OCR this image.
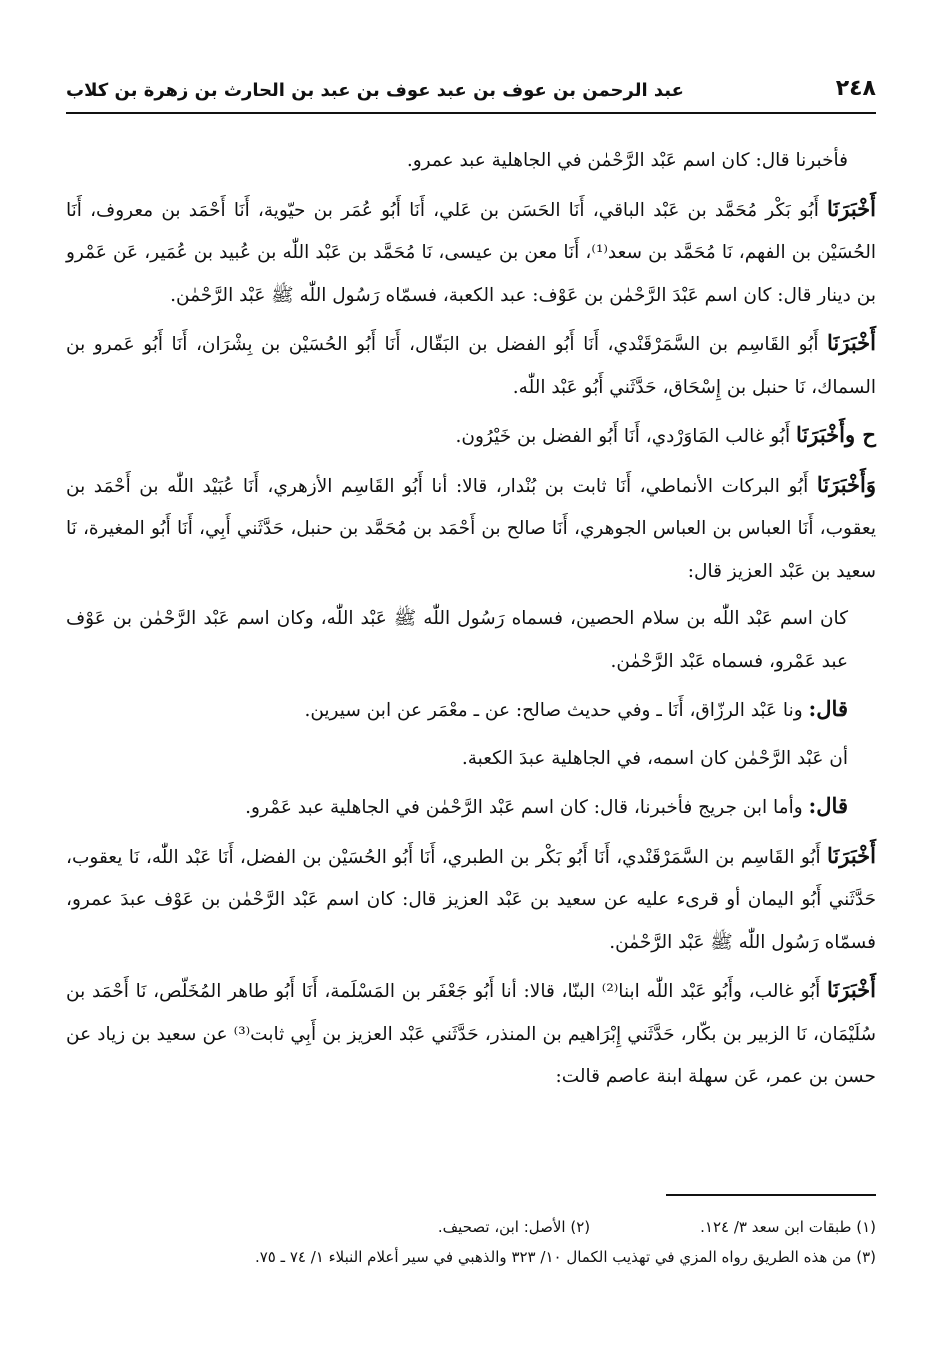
٢٤٨
عبد الرحمن بن عوف بن عبد عوف بن عبد بن الحارث بن زهرة بن كلاب

فأخبرنا قال: كان اسم عَبْد الرَّحْمٰن في الجاهلية عبد عمرو.

أَخْبَرَنَا أَبُو بَكْر مُحَمَّد بن عَبْد الباقي، أَنَا الحَسَن بن عَلي، أَنَا أَبُو عُمَر بن حيّوية، أَنَا أَحْمَد بن معروف، أَنَا الحُسَيْن بن الفهم، نَا مُحَمَّد بن سعد⁽¹⁾، أَنَا معن بن عيسى، نَا مُحَمَّد بن عَبْد اللّٰه بن عُبيد بن عُمَير، عَن عَمْرو بن دينار قال: كان اسم عَبْدَ الرَّحْمٰن بن عَوْف: عبد الكعبة، فسمّاه رَسُول اللّٰه ﷺ عَبْد الرَّحْمٰن.

أَخْبَرَنَا أَبُو القَاسِم بن السَّمَرْقَنْدي، أَنَا أَبُو الفضل بن البَقّال، أَنَا أَبُو الحُسَيْن بن بِشْرَان، أَنَا أَبُو عَمرو بن السماك، نَا حنبل بن إِسْحَاق، حَدَّثَني أَبُو عَبْد اللّٰه.

ح وأَخْبَرَنَا أَبُو غالب المَاوَرْدي، أَنَا أَبُو الفضل بن خَيْرُون.

وَأَخْبَرَنَا أَبُو البركات الأنماطي، أَنَا ثابت بن بُنْدار، قالا: أنا أَبُو القَاسِم الأزهري، أَنَا عُبَيْد اللّٰه بن أَحْمَد بن يعقوب، أَنَا العباس بن العباس الجوهري، أَنَا صالح بن أَحْمَد بن مُحَمَّد بن حنبل، حَدَّثَني أَبِي، أَنَا أَبُو المغيرة، نَا سعيد بن عَبْد العزيز قال:

كان اسم عَبْد اللّٰه بن سلام الحصين، فسماه رَسُول اللّٰه ﷺ عَبْد اللّٰه، وكان اسم عَبْد الرَّحْمٰن بن عَوْف عبد عَمْرو، فسماه عَبْد الرَّحْمٰن.

قال: ونا عَبْد الرزّاق، أَنَا ـ وفي حديث صالح: عن ـ معْمَر عن ابن سيرين.

أن عَبْد الرَّحْمٰن كان اسمه، في الجاهلية عبدَ الكعبة.

قال: وأما ابن جريج فأخبرنا، قال: كان اسم عَبْد الرَّحْمٰن في الجاهلية عبد عَمْرو.

أَخْبَرَنَا أَبُو القَاسِم بن السَّمَرْقَنْدي، أَنَا أَبُو بَكْر بن الطبري، أَنَا أَبُو الحُسَيْن بن الفضل، أَنَا عَبْد اللّٰه، نَا يعقوب، حَدَّثَني أَبُو اليمان أو قرىء عليه عن سعيد بن عَبْد العزيز قال: كان اسم عَبْد الرَّحْمٰن بن عَوْف عبدَ عمرو، فسمّاه رَسُول اللّٰه ﷺ عَبْد الرَّحْمٰن.

أَخْبَرَنَا أَبُو غالب، وأَبُو عَبْد اللّٰه ابنا⁽²⁾ البنّا، قالا: أنا أَبُو جَعْفَر بن المَسْلَمة، أَنَا أَبُو طاهر المُخَلّص، نَا أَحْمَد بن سُلَيْمَان، نَا الزبير بن بكّار، حَدَّثَني إِبْرَاهيم بن المنذر، حَدَّثَني عَبْد العزيز بن أَبِي ثابت⁽³⁾ عن سعيد بن زياد عن حسن بن عمر، عَن سهلة ابنة عاصم قالت:

(١) طبقات ابن سعد ٣/ ١٢٤.
(٢) الأصل: ابن، تصحيف.
(٣) من هذه الطريق رواه المزي في تهذيب الكمال ١٠/ ٣٢٣ والذهبي في سير أعلام النبلاء ١/ ٧٤ ـ ٧٥.
